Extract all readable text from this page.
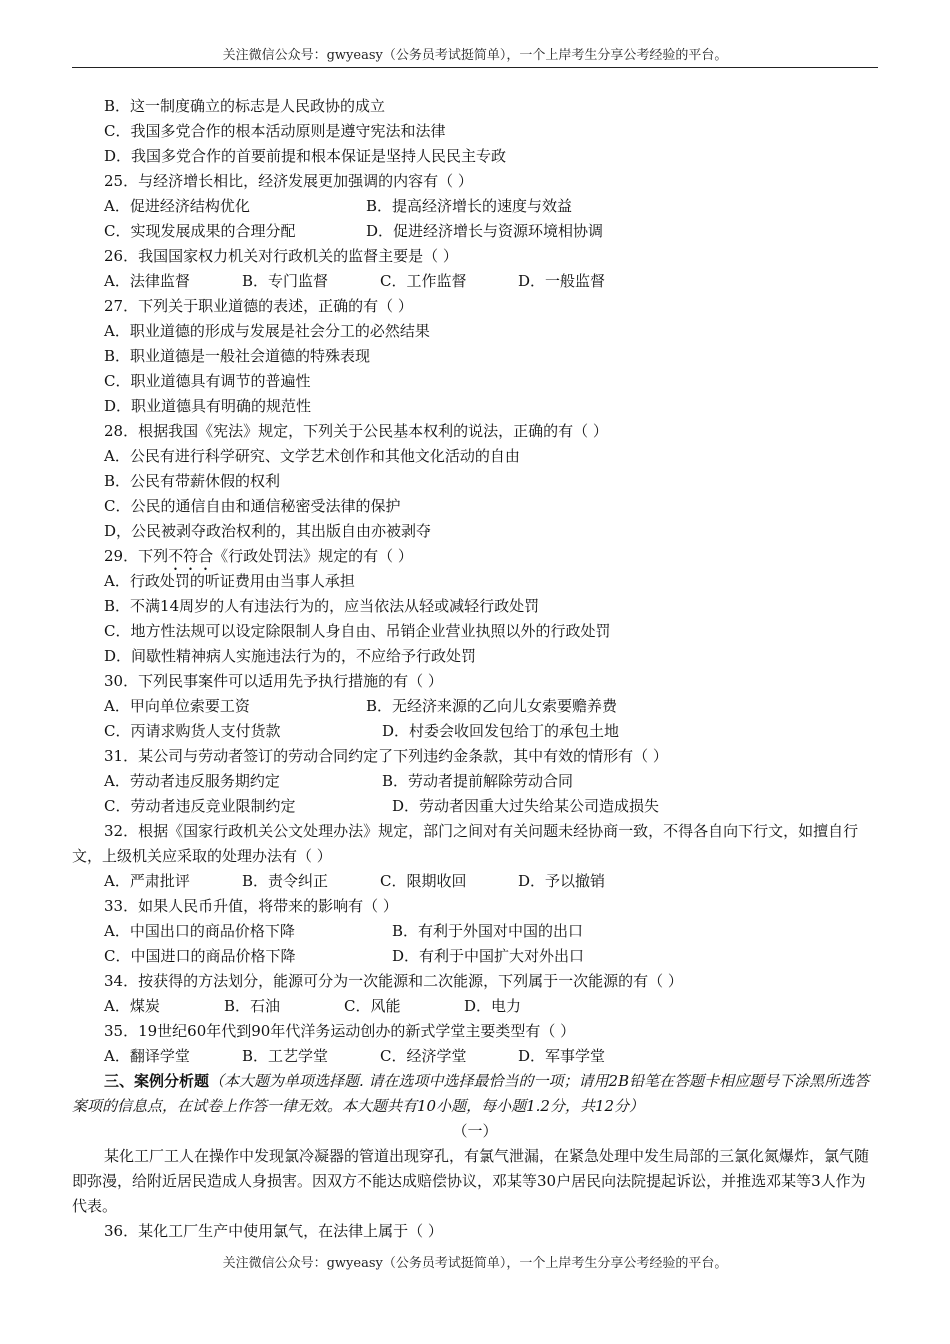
关注微信公众号：gwyeasy（公务员考试挺简单），一个上岸考生分享公考经验的平台。
B．这一制度确立的标志是人民政协的成立
C．我国多党合作的根本活动原则是遵守宪法和法律
D．我国多党合作的首要前提和根本保证是坚持人民民主专政
25．与经济增长相比，经济发展更加强调的内容有（ ）
A．促进经济结构优化	B．提高经济增长的速度与效益
C．实现发展成果的合理分配	D．促进经济增长与资源环境相协调
26．我国国家权力机关对行政机关的监督主要是（ ）
A．法律监督	B．专门监督	C．工作监督	D．一般监督
27．下列关于职业道德的表述，正确的有（ ）
A．职业道德的形成与发展是社会分工的必然结果
B．职业道德是一般社会道德的特殊表现
C．职业道德具有调节的普遍性
D．职业道德具有明确的规范性
28．根据我国《宪法》规定，下列关于公民基本权利的说法，正确的有（ ）
A．公民有进行科学研究、文学艺术创作和其他文化活动的自由
B．公民有带薪休假的权利
C．公民的通信自由和通信秘密受法律的保护
D，公民被剥夺政治权利的，其出版自由亦被剥夺
29．下列不符合《行政处罚法》规定的有（ ）
A．行政处罚的听证费用由当事人承担
B．不满14周岁的人有违法行为的，应当依法从轻或减轻行政处罚
C．地方性法规可以设定除限制人身自由、吊销企业营业执照以外的行政处罚
D．间歇性精神病人实施违法行为的，不应给予行政处罚
30．下列民事案件可以适用先予执行措施的有（ ）
A．甲向单位索要工资	B．无经济来源的乙向儿女索要赡养费
C．丙请求购货人支付货款	D．村委会收回发包给丁的承包土地
31．某公司与劳动者签订的劳动合同约定了下列违约金条款，其中有效的情形有（ ）
A．劳动者违反服务期约定	B．劳动者提前解除劳动合同
C．劳动者违反竞业限制约定	D．劳动者因重大过失给某公司造成损失
32．根据《国家行政机关公文处理办法》规定，部门之间对有关问题未经协商一致，不得各自向下行文，如擅自行文，上级机关应采取的处理办法有（ ）
A．严肃批评	B．责令纠正	C．限期收回	D．予以撤销
33．如果人民币升值，将带来的影响有（ ）
A．中国出口的商品价格下降	B．有利于外国对中国的出口
C．中国进口的商品价格下降	D．有利于中国扩大对外出口
34．按获得的方法划分，能源可分为一次能源和二次能源，下列属于一次能源的有（ ）
A．煤炭	B．石油	C．风能	D．电力
35．19世纪60年代到90年代洋务运动创办的新式学堂主要类型有（ ）
A．翻译学堂	B．工艺学堂	C．经济学堂	D．军事学堂
三、案例分析题（本大题为单项选择题. 请在选项中选择最恰当的一项；请用2B铅笔在答题卡相应题号下涂黑所选答案项的信息点，在试卷上作答一律无效。本大题共有10小题，每小题1.2分，共12分）
（一）
某化工厂工人在操作中发现氯冷凝器的管道出现穿孔，有氯气泄漏，在紧急处理中发生局部的三氯化氮爆炸，氯气随即弥漫，给附近居民造成人身损害。因双方不能达成赔偿协议，邓某等30户居民向法院提起诉讼，并推选邓某等3人作为代表。
36．某化工厂生产中使用氯气，在法律上属于（ ）
关注微信公众号：gwyeasy（公务员考试挺简单），一个上岸考生分享公考经验的平台。
